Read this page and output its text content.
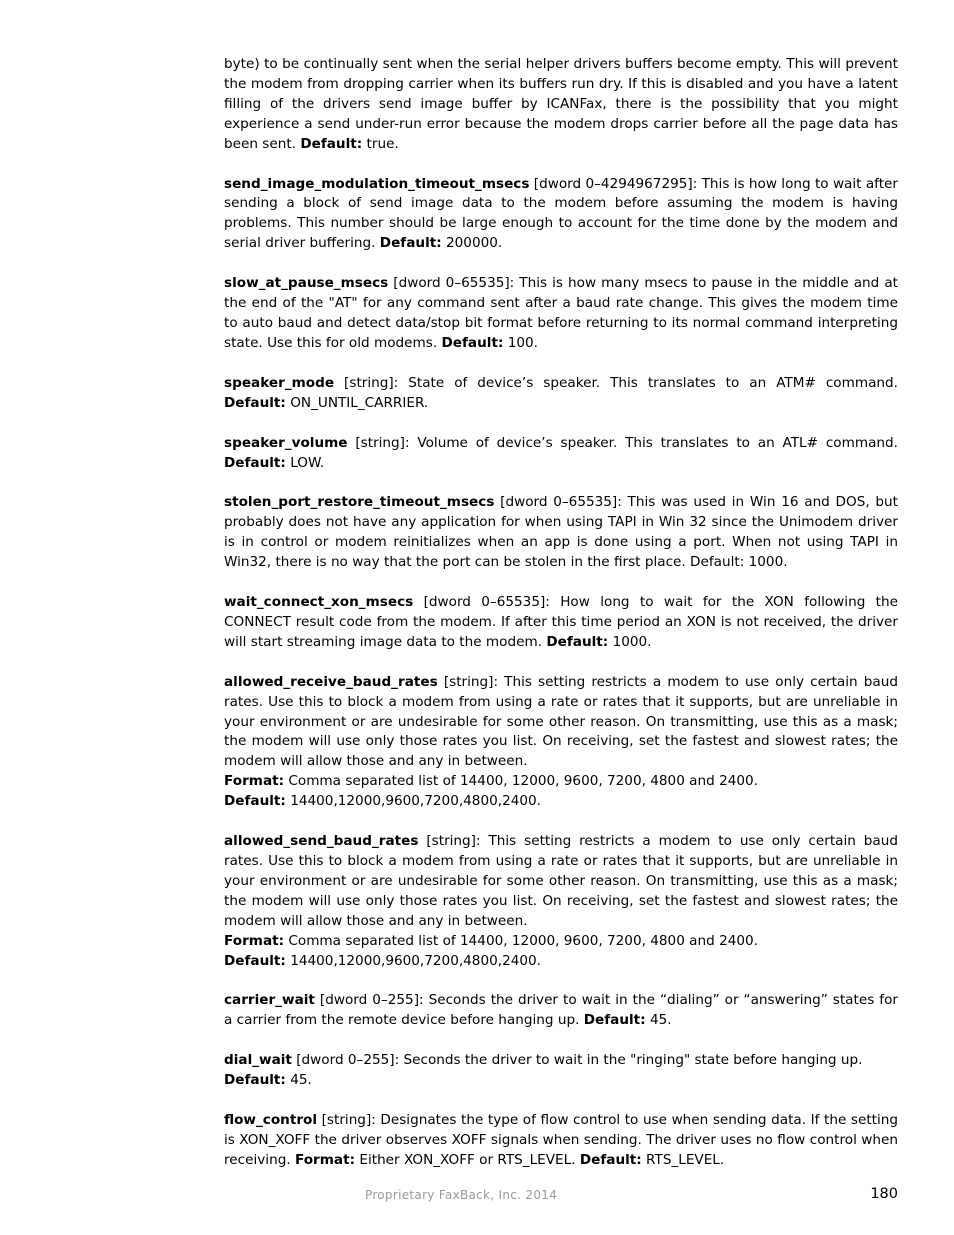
byte) to be continually sent when the serial helper drivers buffers become empty. This will prevent the modem from dropping carrier when its buffers run dry. If this is disabled and you have a latent filling of the drivers send image buffer by ICANFax, there is the possibility that you might experience a send under-run error because the modem drops carrier before all the page data has been sent. Default: true.

send_image_modulation_timeout_msecs [dword 0–4294967295]: This is how long to wait after sending a block of send image data to the modem before assuming the modem is having problems. This number should be large enough to account for the time done by the modem and serial driver buffering. Default: 200000.

slow_at_pause_msecs [dword 0–65535]: This is how many msecs to pause in the middle and at the end of the "AT" for any command sent after a baud rate change. This gives the modem time to auto baud and detect data/stop bit format before returning to its normal command interpreting state. Use this for old modems. Default: 100.

speaker_mode [string]: State of device’s speaker. This translates to an ATM# command. Default: ON_UNTIL_CARRIER.

speaker_volume [string]: Volume of device’s speaker. This translates to an ATL# command. Default: LOW.

stolen_port_restore_timeout_msecs [dword 0–65535]: This was used in Win 16 and DOS, but probably does not have any application for when using TAPI in Win 32 since the Unimodem driver is in control or modem reinitializes when an app is done using a port. When not using TAPI in Win32, there is no way that the port can be stolen in the first place. Default: 1000.

wait_connect_xon_msecs [dword 0–65535]: How long to wait for the XON following the CONNECT result code from the modem. If after this time period an XON is not received, the driver will start streaming image data to the modem. Default: 1000.

allowed_receive_baud_rates [string]: This setting restricts a modem to use only certain baud rates. Use this to block a modem from using a rate or rates that it supports, but are unreliable in your environment or are undesirable for some other reason. On transmitting, use this as a mask; the modem will use only those rates you list. On receiving, set the fastest and slowest rates; the modem will allow those and any in between.
Format: Comma separated list of 14400, 12000, 9600, 7200, 4800 and 2400.
Default: 14400,12000,9600,7200,4800,2400.

allowed_send_baud_rates [string]: This setting restricts a modem to use only certain baud rates. Use this to block a modem from using a rate or rates that it supports, but are unreliable in your environment or are undesirable for some other reason. On transmitting, use this as a mask; the modem will use only those rates you list. On receiving, set the fastest and slowest rates; the modem will allow those and any in between.
Format: Comma separated list of 14400, 12000, 9600, 7200, 4800 and 2400.
Default: 14400,12000,9600,7200,4800,2400.

carrier_wait [dword 0–255]: Seconds the driver to wait in the “dialing” or “answering” states for a carrier from the remote device before hanging up. Default: 45.

dial_wait [dword 0–255]: Seconds the driver to wait in the "ringing" state before hanging up.
Default: 45.

flow_control [string]: Designates the type of flow control to use when sending data. If the setting is XON_XOFF the driver observes XOFF signals when sending. The driver uses no flow control when receiving. Format: Either XON_XOFF or RTS_LEVEL. Default: RTS_LEVEL.

Proprietary FaxBack, Inc. 2014	180
